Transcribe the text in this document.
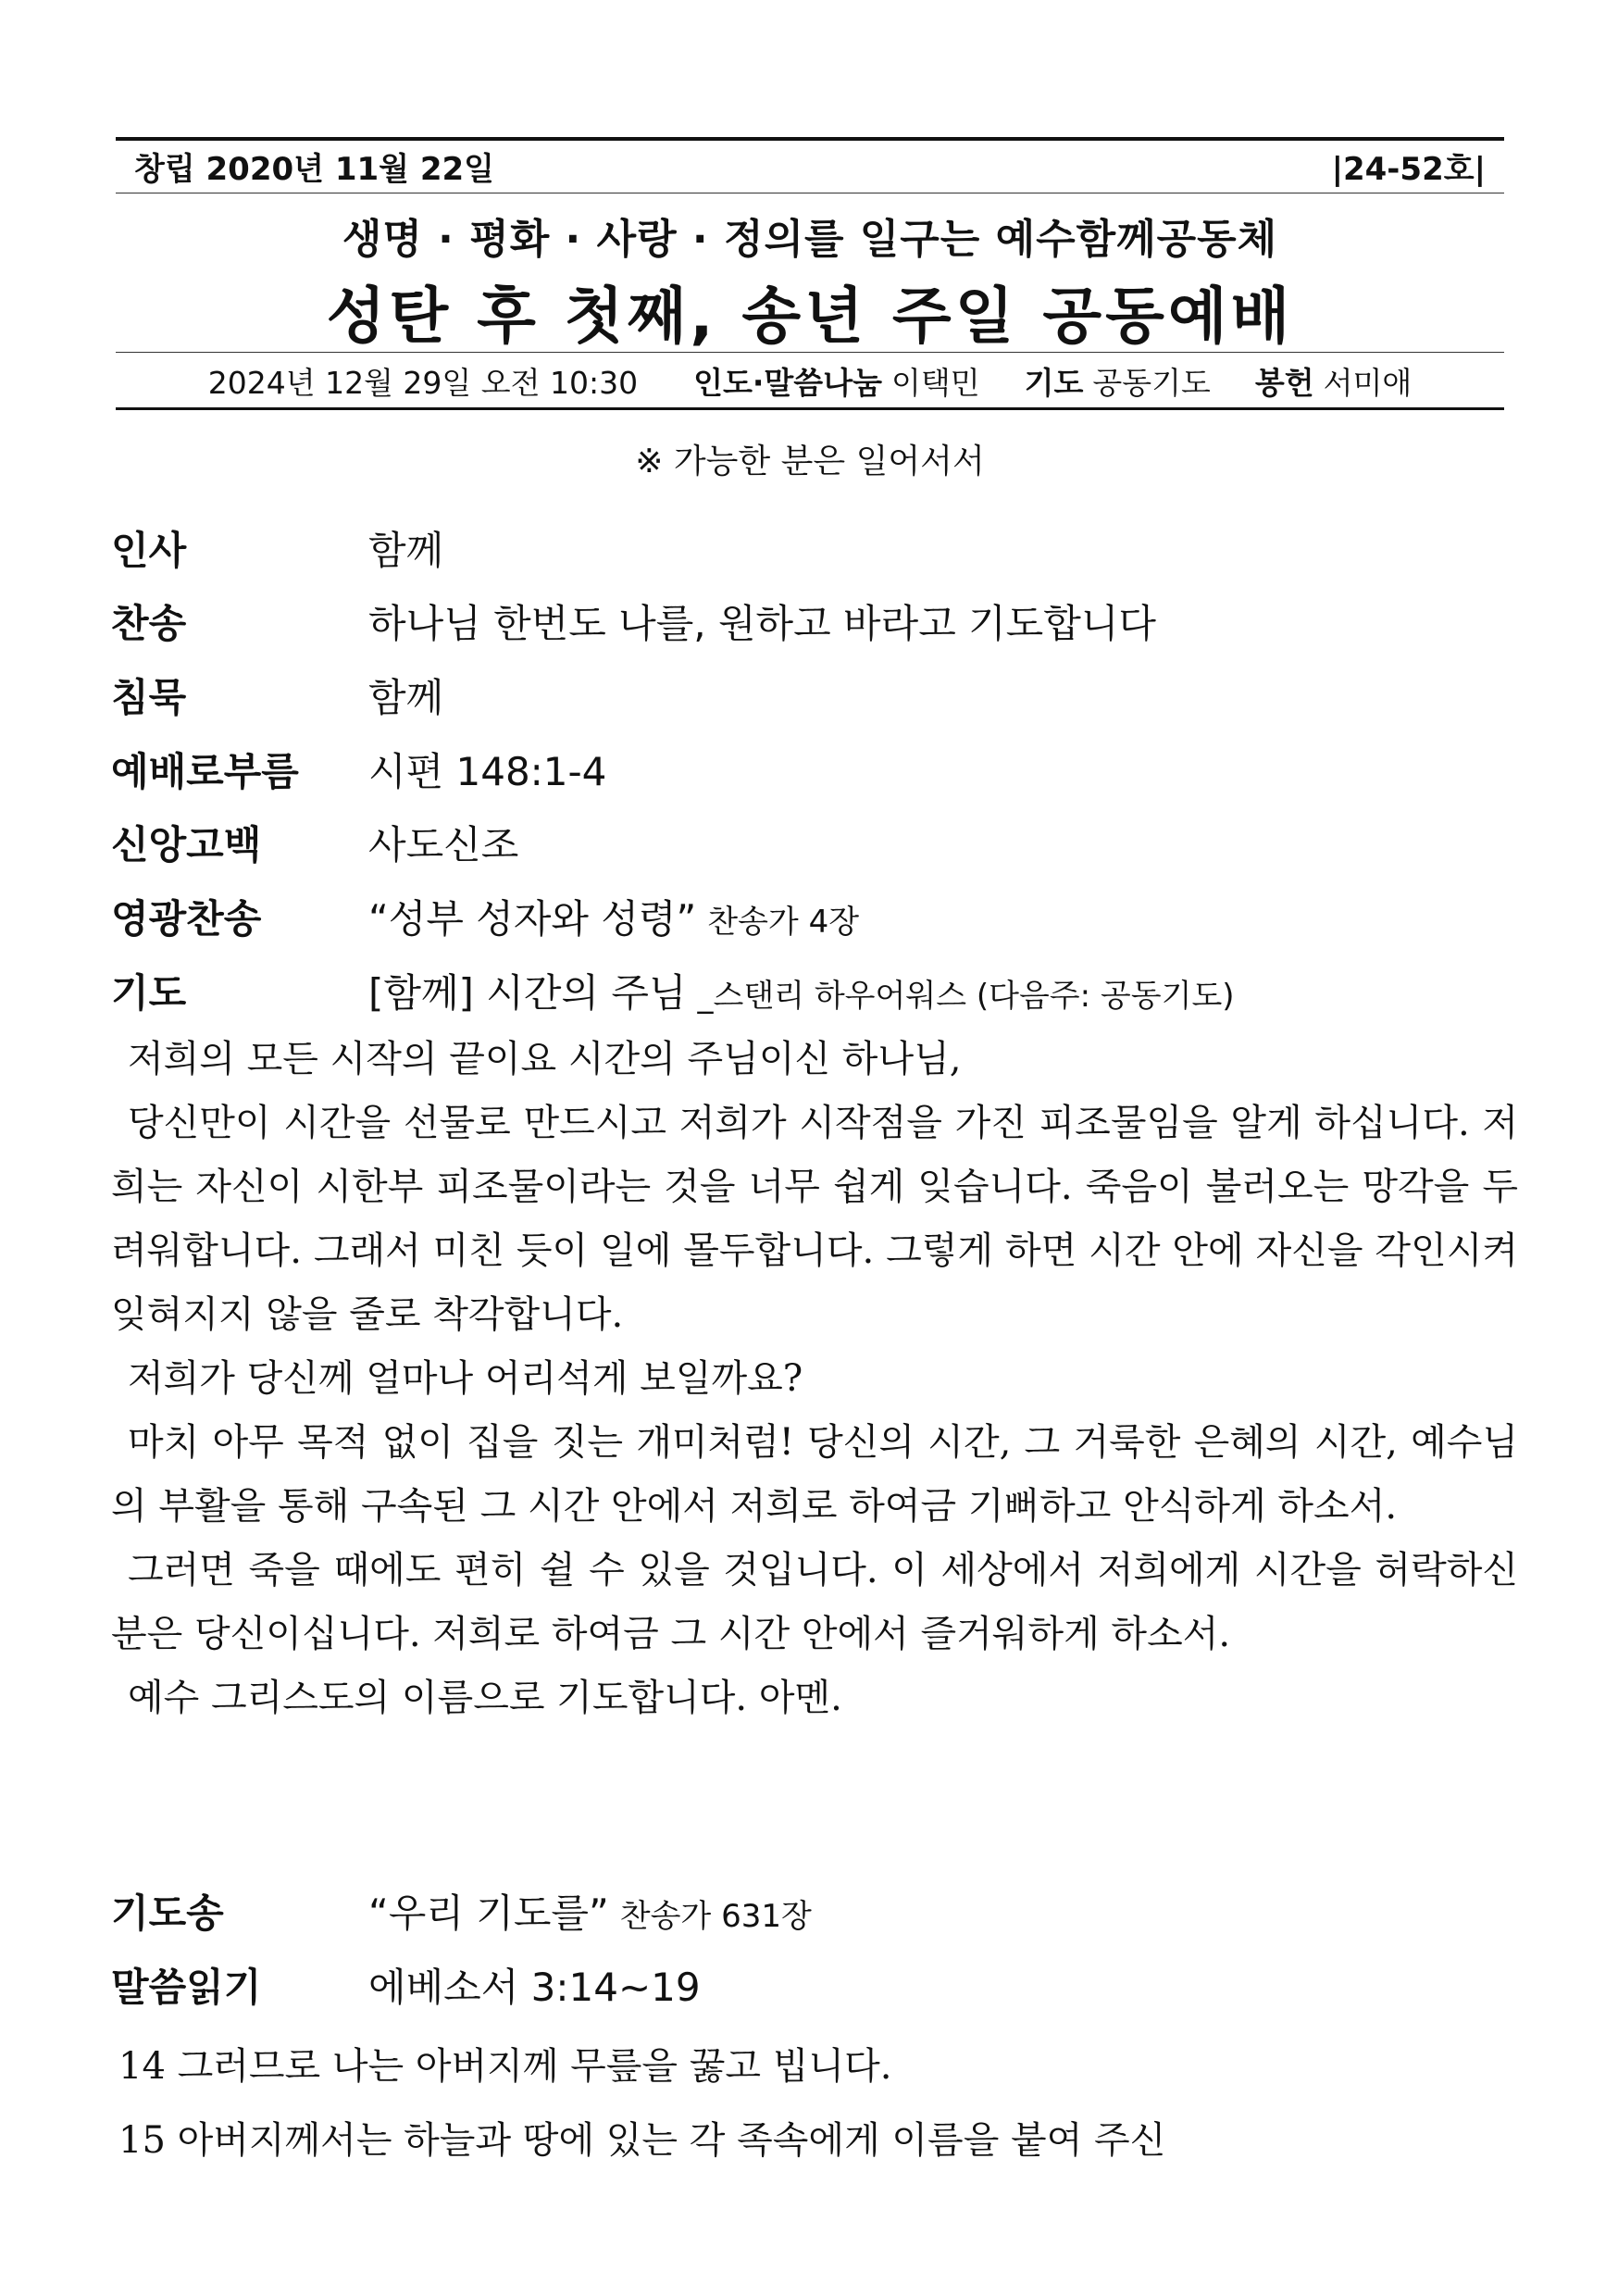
창립 2020년 11월 22일	|24-52호|
생명 · 평화 · 사랑 · 정의를 일구는 예수함께공동체
성탄 후 첫째, 송년 주일 공동예배
2024년 12월 29일 오전 10:30 인도·말씀나눔 이택민 기도 공동기도 봉헌 서미애
※ 가능한 분은 일어서서
인사	함께
찬송	하나님 한번도 나를, 원하고 바라고 기도합니다
침묵	함께
예배로부름	시편 148:1-4
신앙고백	사도신조
영광찬송	“성부 성자와 성령” 찬송가 4장
기도	[함께] 시간의 주님 _스탠리 하우어워스 (다음주: 공동기도)

저희의 모든 시작의 끝이요 시간의 주님이신 하나님,

당신만이 시간을 선물로 만드시고 저희가 시작점을 가진 피조물임을 알게 하십니다. 저희는 자신이 시한부 피조물이라는 것을 너무 쉽게 잊습니다. 죽음이 불러오는 망각을 두려워합니다. 그래서 미친 듯이 일에 몰두합니다. 그렇게 하면 시간 안에 자신을 각인시켜 잊혀지지 않을 줄로 착각합니다.

저희가 당신께 얼마나 어리석게 보일까요?

마치 아무 목적 없이 집을 짓는 개미처럼! 당신의 시간, 그 거룩한 은혜의 시간, 예수님의 부활을 통해 구속된 그 시간 안에서 저희로 하여금 기뻐하고 안식하게 하소서.

그러면 죽을 때에도 편히 쉴 수 있을 것입니다. 이 세상에서 저희에게 시간을 허락하신 분은 당신이십니다. 저희로 하여금 그 시간 안에서 즐거워하게 하소서.

예수 그리스도의 이름으로 기도합니다. 아멘.

기도송	“우리 기도를” 찬송가 631장
말씀읽기	에베소서 3:14~19
14 그러므로 나는 아버지께 무릎을 꿇고 빕니다.
15 아버지께서는 하늘과 땅에 있는 각 족속에게 이름을 붙여 주신
